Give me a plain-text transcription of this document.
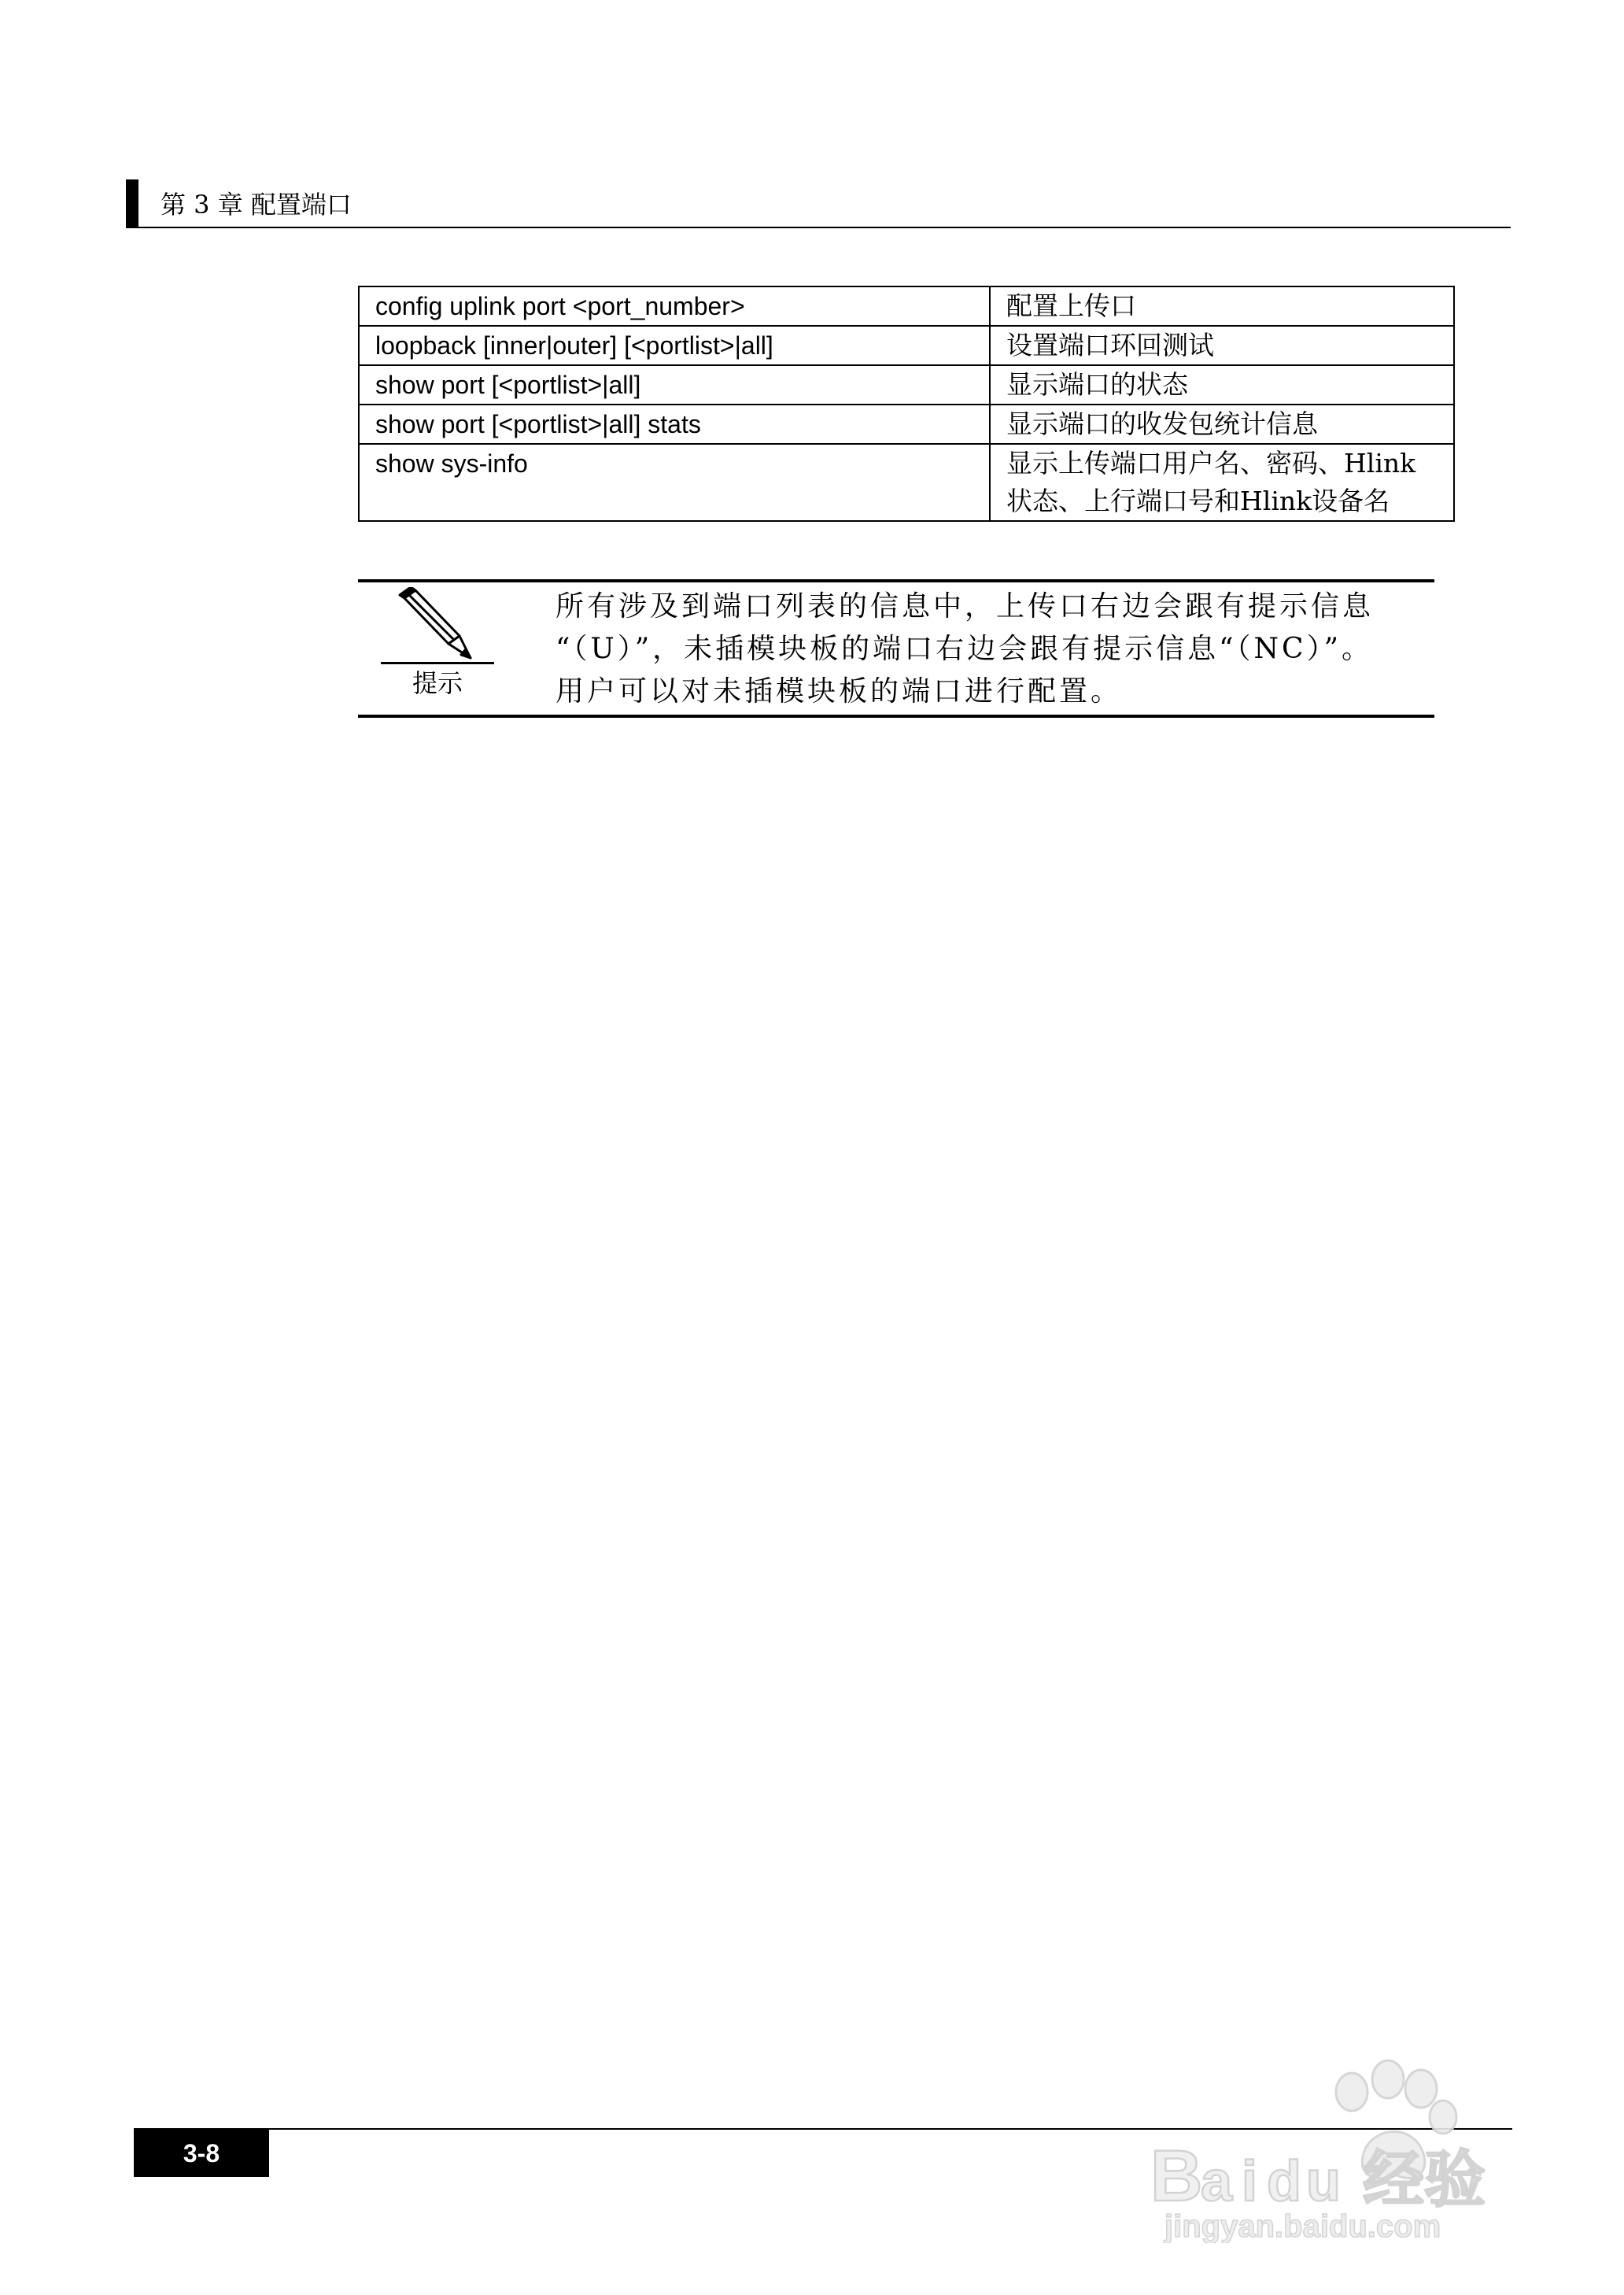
第 3 章 配置端口
config uplink port <port_number>	配置上传口
loopback [inner|outer] [<portlist>|all]	设置端口环回测试
show port [<portlist>|all]	显示端口的状态
show port [<portlist>|all] stats	显示端口的收发包统计信息
show sys-info	显示上传端口用户名、密码、Hlink
状态、上行端口号和Hlink设备名
提示
所有涉及到端口列表的信息中，上传口右边会跟有提示信息
“（U）”，未插模块板的端口右边会跟有提示信息“（NC）”。
用户可以对未插模块板的端口进行配置。
3-8	B
a i d u 经验
jingyan.baidu.com
